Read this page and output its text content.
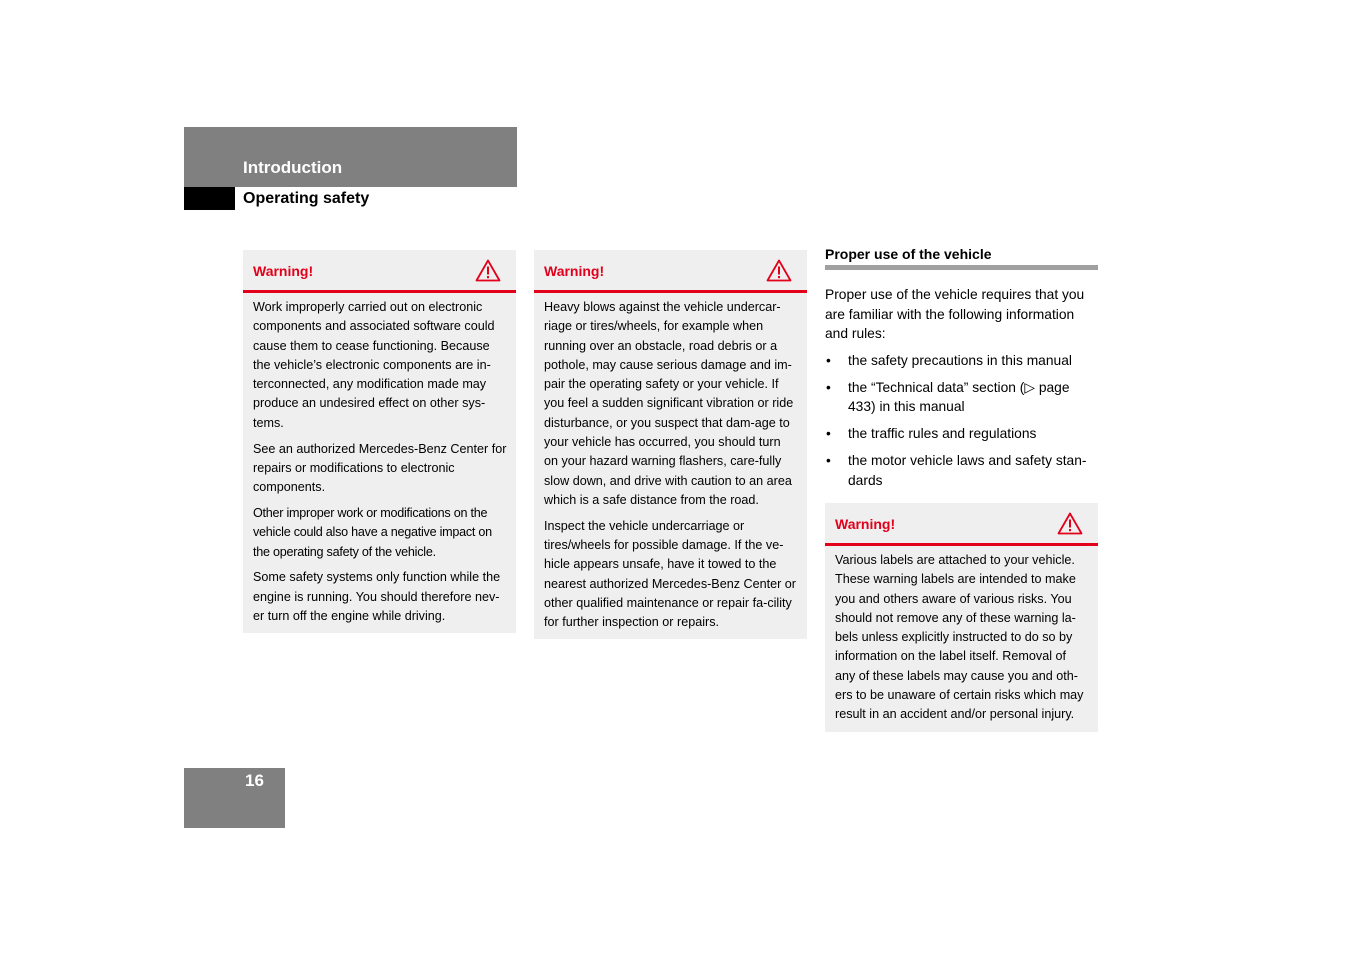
Introduction
Operating safety
Warning!

Work improperly carried out on electronic components and associated software could cause them to cease functioning. Because the vehicle’s electronic components are in-terconnected, any modification made may produce an undesired effect on other sys-tems.

See an authorized Mercedes-Benz Center for repairs or modifications to electronic components.

Other improper work or modifications on the vehicle could also have a negative impact on the operating safety of the vehicle.

Some safety systems only function while the engine is running. You should therefore nev-er turn off the engine while driving.

Warning!

Heavy blows against the vehicle undercar-riage or tires/wheels, for example when running over an obstacle, road debris or a pothole, may cause serious damage and im-pair the operating safety or your vehicle. If you feel a sudden significant vibration or ride disturbance, or you suspect that dam-age to your vehicle has occurred, you should turn on your hazard warning flashers, care-fully slow down, and drive with caution to an area which is a safe distance from the road.

Inspect the vehicle undercarriage or tires/wheels for possible damage. If the ve-hicle appears unsafe, have it towed to the nearest authorized Mercedes-Benz Center or other qualified maintenance or repair fa-cility for further inspection or repairs.

Proper use of the vehicle

Proper use of the vehicle requires that you are familiar with the following information and rules:

• the safety precautions in this manual
• the “Technical data” section (▷ page 433) in this manual
• the traffic rules and regulations
• the motor vehicle laws and safety stan-dards
Warning!

Various labels are attached to your vehicle. These warning labels are intended to make you and others aware of various risks. You should not remove any of these warning la-bels unless explicitly instructed to do so by information on the label itself. Removal of any of these labels may cause you and oth-ers to be unaware of certain risks which may result in an accident and/or personal injury.

16
